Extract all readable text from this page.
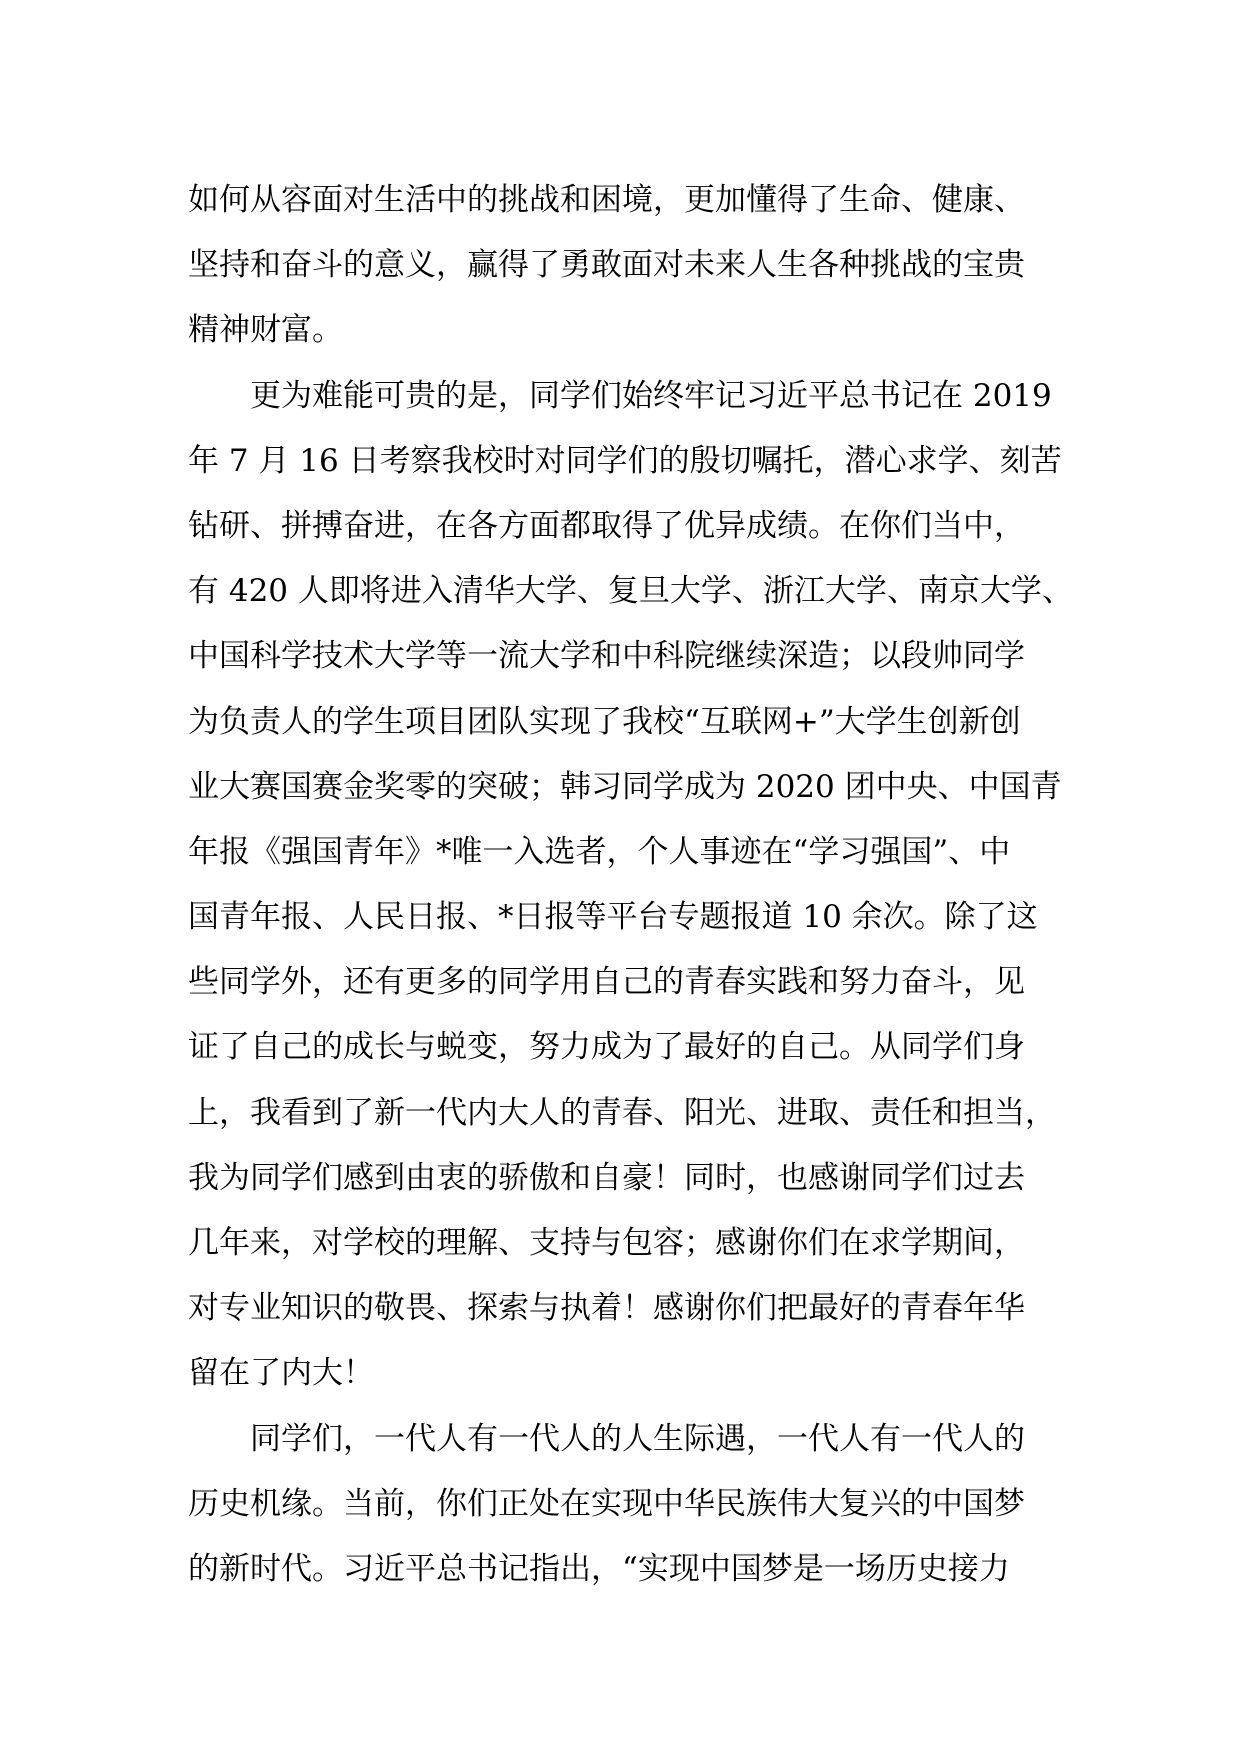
如何从容面对生活中的挑战和困境，更加懂得了生命、健康、
坚持和奋斗的意义，赢得了勇敢面对未来人生各种挑战的宝贵
精神财富。
　　更为难能可贵的是，同学们始终牢记习近平总书记在 2019
年 7 月 16 日考察我校时对同学们的殷切嘱托，潜心求学、刻苦
钻研、拼搏奋进，在各方面都取得了优异成绩。在你们当中，
有 420 人即将进入清华大学、复旦大学、浙江大学、南京大学、
中国科学技术大学等一流大学和中科院继续深造；以段帅同学
为负责人的学生项目团队实现了我校“互联网+”大学生创新创
业大赛国赛金奖零的突破；韩习同学成为 2020 团中央、中国青
年报《强国青年》*唯一入选者，个人事迹在“学习强国”、中
国青年报、人民日报、*日报等平台专题报道 10 余次。除了这
些同学外，还有更多的同学用自己的青春实践和努力奋斗，见
证了自己的成长与蜕变，努力成为了最好的自己。从同学们身
上，我看到了新一代内大人的青春、阳光、进取、责任和担当，
我为同学们感到由衷的骄傲和自豪！同时，也感谢同学们过去
几年来，对学校的理解、支持与包容；感谢你们在求学期间，
对专业知识的敬畏、探索与执着！感谢你们把最好的青春年华
留在了内大！
　　同学们，一代人有一代人的人生际遇，一代人有一代人的
历史机缘。当前，你们正处在实现中华民族伟大复兴的中国梦
的新时代。习近平总书记指出，“实现中国梦是一场历史接力
